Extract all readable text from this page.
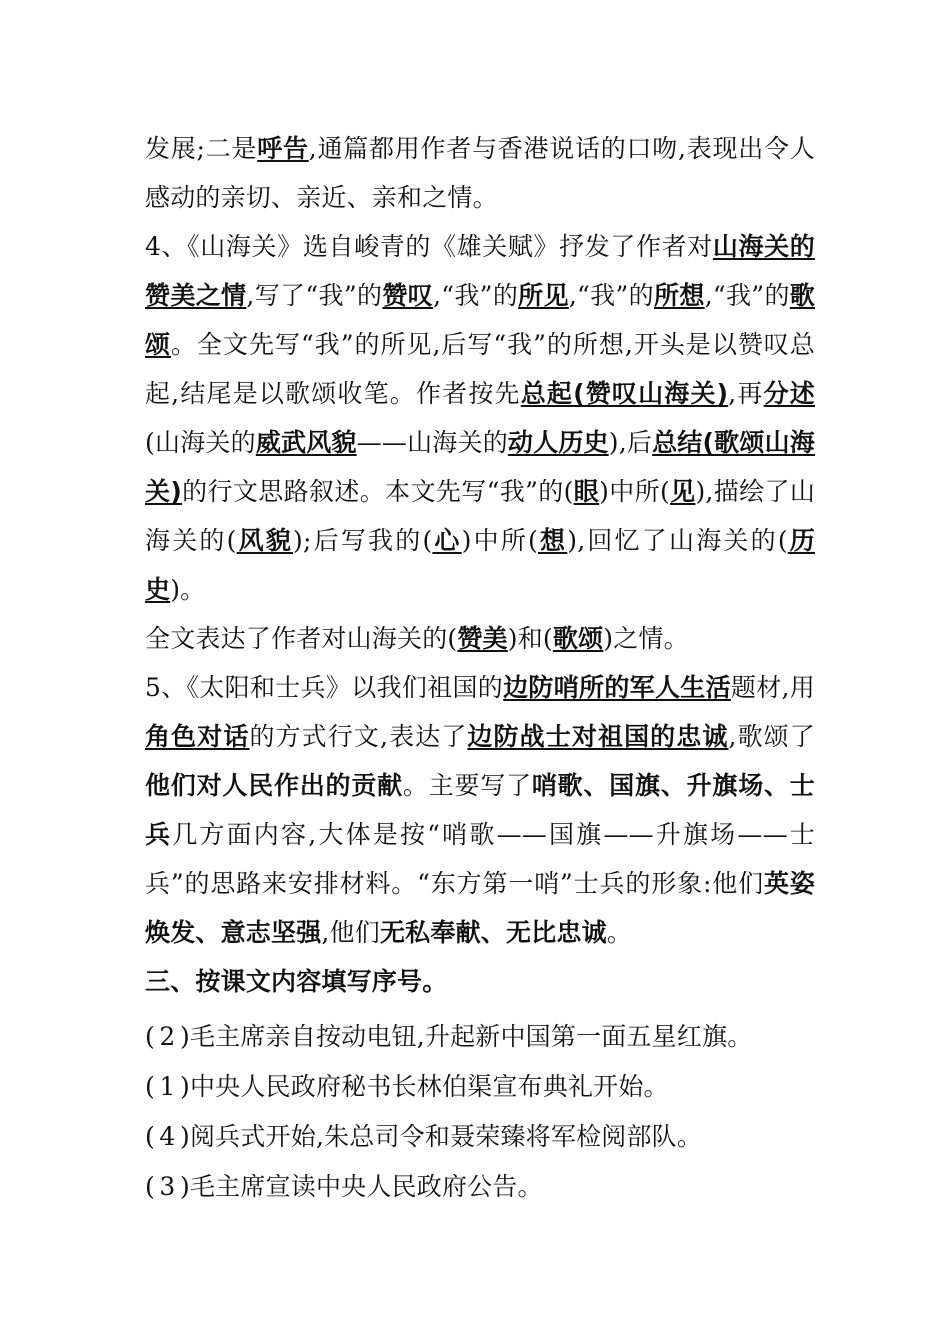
发展;二是呼告,通篇都用作者与香港说话的口吻,表现出令人感动的亲切、亲近、亲和之情。
4、《山海关》选自峻青的《雄关赋》抒发了作者对山海关的赞美之情,写了“我”的赞叹,“我”的所见,“我”的所想,“我”的歌颂。全文先写“我”的所见,后写“我”的所想,开头是以赞叹总起,结尾是以歌颂收笔。作者按先总起(赞叹山海关),再分述(山海关的威武风貌——山海关的动人历史),后总结(歌颂山海关)的行文思路叙述。本文先写“我”的(眼)中所(见),描绘了山海关的(风貌);后写我的(心)中所(想),回忆了山海关的(历史)。
全文表达了作者对山海关的(赞美)和(歌颂)之情。
5、《太阳和士兵》以我们祖国的边防哨所的军人生活题材,用角色对话的方式行文,表达了边防战士对祖国的忠诚,歌颂了他们对人民作出的贡献。主要写了哨歌、国旗、升旗场、士兵几方面内容,大体是按“哨歌——国旗——升旗场——士兵”的思路来安排材料。“东方第一哨”士兵的形象:他们英姿焕发、意志坚强,他们无私奉献、无比忠诚。
三、按课文内容填写序号。
( 2 )毛主席亲自按动电钮,升起新中国第一面五星红旗。
( 1 )中央人民政府秘书长林伯渠宣布典礼开始。
( 4 )阅兵式开始,朱总司令和聂荣臻将军检阅部队。
( 3 )毛主席宣读中央人民政府公告。
